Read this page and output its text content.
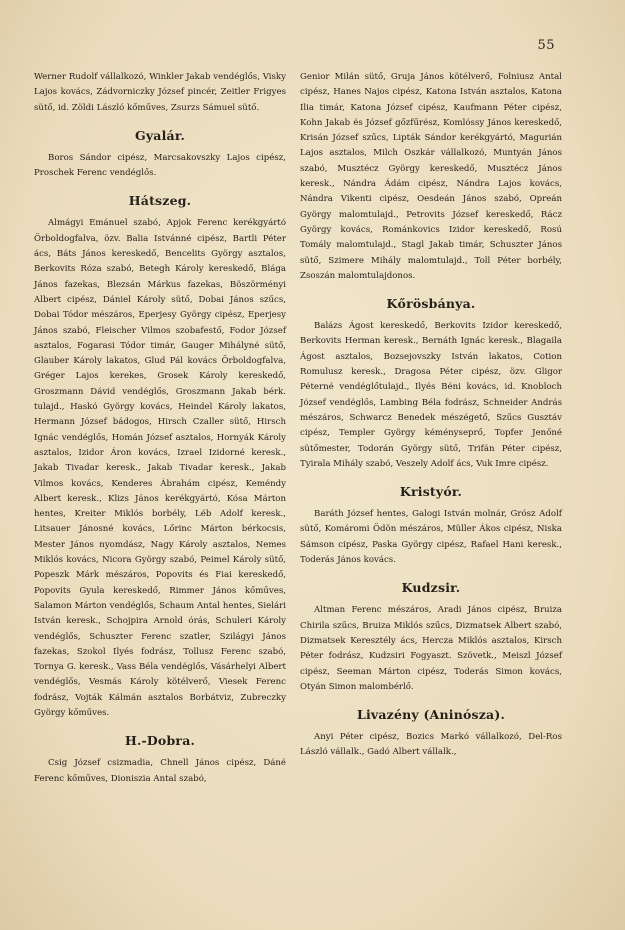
55

Werner Rudolf vállalkozó, Winkler Jakab vendéglős, Visky Lajos kovács, Zádvorniczky József pincér, Zeitler Frigyes sütő, id. Zöldi László kőműves, Zsurzs Sámuel sütő.

Gyalár.

Boros Sándor cipész, Marcsakovszky Lajos cipész, Proschek Ferenc vendéglős.

Hátszeg.

Almágyi Emánuel szabó, Apjok Ferenc kerékgyártó Örboldogfalva, özv. Balia Istvánné cipész, Bartli Péter ács, Báts János kereskedő, Bencelits György asztalos, Berkovits Róza szabó, Betegh Károly kereskedő, Blága János fazekas, Blezsán Márkus fazekas, Böszörményi Albert cipész, Dániel Károly sütő, Dobai János szűcs, Dobai Tódor mészáros, Eperjesy György cipész, Eperjesy János szabó, Fleischer Vilmos szobafestő, Fodor József asztalos, Fogarasi Tódor timár, Gauger Mihályné sütő, Glauber Károly lakatos, Glud Pál kovács Örboldogfalva, Gréger Lajos kerekes, Grosek Károly kereskedő, Groszmann Dávid vendéglős, Groszmann Jakab bérk. tulajd., Haskó György kovács, Heindel Károly lakatos, Hermann József bádogos, Hirsch Czaller sütő, Hirsch Ignác vendéglős, Homán József asztalos, Hornyák Károly asztalos, Izidor Áron kovács, Izrael Izidorné keresk., Jakab Tivadar keresk., Jakab Tivadar keresk., Jakab Vilmos kovács, Kenderes Ábrahám cipész, Keméndy Albert keresk., Klizs János kerékgyártó, Kósa Márton hentes, Kreiter Miklós borbély, Léb Adolf keresk., Litsauer Jánosné kovács, Lőrinc Márton bérkocsis, Mester János nyomdász, Nagy Károly asztalos, Nemes Miklós kovács, Nicora György szabó, Peimel Károly sütő, Popeszk Márk mészáros, Popovits és Fiai kereskedő, Popovits Gyula kereskedő, Rimmer János kőműves, Salamon Márton vendéglős, Schaum Antal hentes, Sielári István keresk., Schojpira Arnold órás, Schuleri Károly vendéglős, Schuszter Ferenc szatler, Szilágyi János fazekas, Szokol Ilyés fodrász, Tollusz Ferenc szabó, Tornya G. keresk., Vass Béla vendéglős, Vásárhelyi Albert vendéglős, Vesmás Károly kötélverő, Viesek Ferenc fodrász, Vojták Kálmán asztalos Borbátviz, Zubreczky György kőműves.

H.-Dobra.

Csig József csizmadia, Chnell János cipész, Dáné Ferenc kőműves, Dioniszia Antal szabó,

Genior Milán sütő, Gruja János kötélverő, Folniusz Antal cipész, Hanes Najos cipész, Katona István asztalos, Katona Ilia timár, Katona József cipész, Kaufmann Péter cipész, Kohn Jakab és József gőzfűrész, Komlóssy János kereskedő, Krisán József szűcs, Lipták Sándor kerékgyártó, Magurián Lajos asztalos, Milch Oszkár vállalkozó, Muntyán János szabó, Musztécz György kereskedő, Musztécz János keresk., Nándra Ádám cipész, Nándra Lajos kovács, Nándra Vikenti cipész, Oesdeán János szabó, Opreán György malomtulajd., Petrovits József kereskedő, Rácz György kovács, Románkovics Izidor kereskedő, Rosú Tomály malomtulajd., Stagl Jakab timár, Schuszter János sütő, Szimere Mihály malomtulajd., Toll Péter borbély, Zsoszán malomtulajdonos.

Kőrösbánya.

Balázs Ágost kereskedő, Berkovits Izidor kereskedő, Berkovits Herman keresk., Bernáth Ignác keresk., Blagaila Ágost asztalos, Bozsejovszky István lakatos, Cotion Romulusz keresk., Dragosa Péter cipész, özv. Gligor Péterné vendéglőtulajd., Ilyés Béni kovács, id. Knobloch József vendéglős, Lambing Béla fodrász, Schneider András mészáros, Schwarcz Benedek mészégető, Szűcs Gusztáv cipész, Templer György kéményseprő, Topfer Jenőné sütőmester, Todorán György sütő, Trifán Péter cipész, Tyirala Mihály szabó, Veszely Adolf ács, Vuk Imre cipész.

Kristyór.

Baráth József hentes, Galogi István molnár, Grósz Adolf sütő, Komáromi Ödön mészáros, Müller Ákos cipész, Niska Sámson cipész, Paska György cipész, Rafael Hani keresk., Toderás János kovács.

Kudzsir.

Altman Ferenc mészáros, Aradi János cipész, Bruiza Chirila szűcs, Bruiza Miklós szűcs, Dizmatsek Albert szabó, Dizmatsek Keresztély ács, Hercza Miklós asztalos, Kirsch Péter fodrász, Kudzsiri Fogyaszt. Szövetk., Meiszl József cipész, Seeman Márton cipész, Toderás Simon kovács, Otyán Simon malombérlő.

Livazény (Aninósza).

Anyi Péter cipész, Bozics Markó vállalkozó, Del-Ros László vállalk., Gadó Albert vállalk.,
